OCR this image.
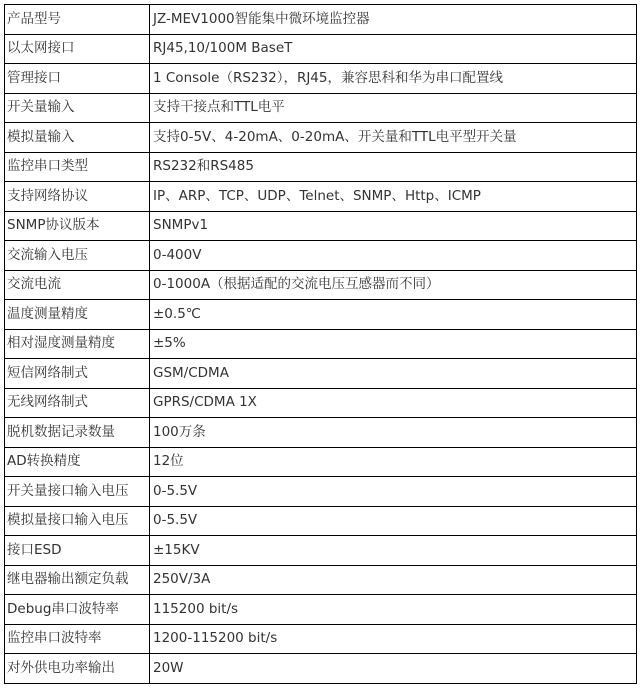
产品型号	JZ-MEV1000智能集中微环境监控器
以太网接口	RJ45,10/100M BaseT
管理接口	1 Console（RS232），RJ45，兼容思科和华为串口配置线
开关量输入	支持干接点和TTL电平
模拟量输入	支持0-5V、4-20mA、0-20mA、开关量和TTL电平型开关量
监控串口类型	RS232和RS485
支持网络协议	IP、ARP、TCP、UDP、Telnet、SNMP、Http、ICMP
SNMP协议版本	SNMPv1
交流输入电压	0-400V
交流电流	0-1000A（根据适配的交流电压互感器而不同）
温度测量精度	±0.5℃
相对湿度测量精度	±5%
短信网络制式	GSM/CDMA
无线网络制式	GPRS/CDMA 1X
脱机数据记录数量	100万条
AD转换精度	12位
开关量接口输入电压	0-5.5V
模拟量接口输入电压	0-5.5V
接口ESD	±15KV
继电器输出额定负载	250V/3A
Debug串口波特率	115200 bit/s
监控串口波特率	1200-115200 bit/s
对外供电功率输出	20W
